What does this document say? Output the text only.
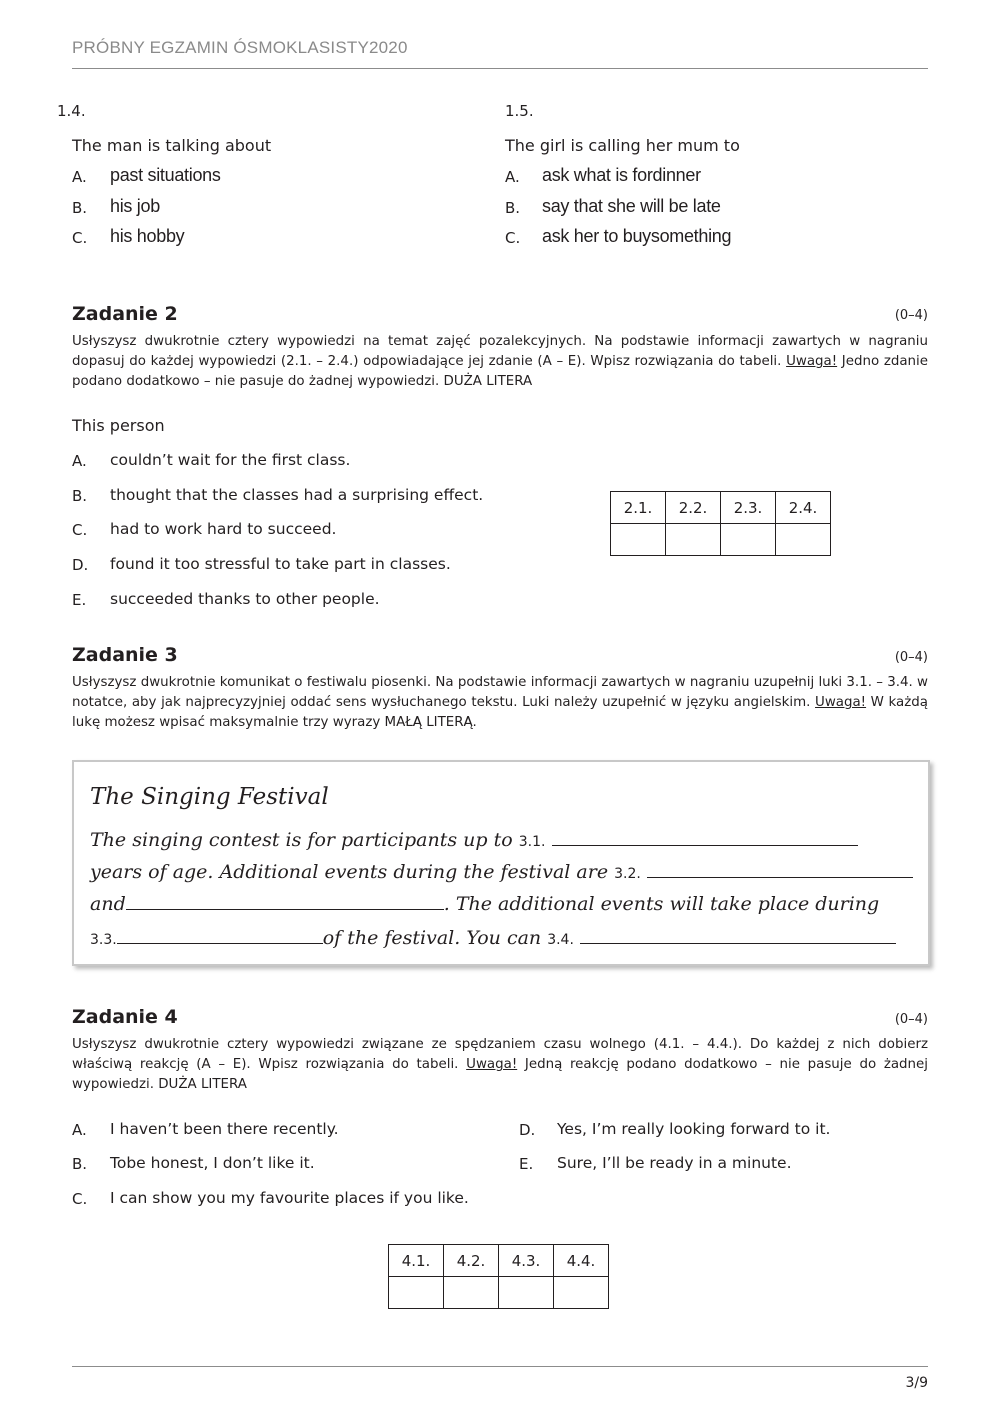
PRÓBNY EGZAMIN ÓSMOKLASISTY2020
1.4.
The man is talking about
A. past situations
B. his job
C. his hobby
1.5.
The girl is calling her mum to
A. ask what is fordinner
B. say that she will be late
C. ask her to buysomething
Zadanie 2	(0–4)
Usłyszysz dwukrotnie cztery wypowiedzi na temat zajęć pozalekcyjnych. Na podstawie informacji zawartych w nagraniu dopasuj do każdej wypowiedzi (2.1. – 2.4.) odpowiadające jej zdanie (A – E). Wpisz rozwiązania do tabeli. Uwaga! Jedno zdanie podano dodatkowo – nie pasuje do żadnej wypowiedzi. DUŻA LITERA
This person
A. couldn’t wait for the first class.
B. thought that the classes had a surprising effect.
C. had to work hard to succeed.
D. found it too stressful to take part in classes.
E. succeeded thanks to other people.
2.1.	2.2.	2.3.	2.4.

Zadanie 3	(0–4)
Usłyszysz dwukrotnie komunikat o festiwalu piosenki. Na podstawie informacji zawartych w nagraniu uzupełnij luki 3.1. – 3.4. w notatce, aby jak najprecyzyjniej oddać sens wysłuchanego tekstu. Luki należy uzupełnić w języku angielskim. Uwaga! W każdą lukę możesz wpisać maksymalnie trzy wyrazy MAŁĄ LITERĄ.
The Singing Festival
The singing contest is for participants up to 3.1.
years of age. Additional events during the festival are 3.2.
and	. The additional events will take place during
3.3.	of the festival. You can 3.4.
Zadanie 4	(0–4)
Usłyszysz dwukrotnie cztery wypowiedzi związane ze spędzaniem czasu wolnego (4.1. – 4.4.). Do każdej z nich dobierz właściwą reakcję (A – E). Wpisz rozwiązania do tabeli. Uwaga! Jedną reakcję podano dodatkowo – nie pasuje do żadnej wypowiedzi. DUŻA LITERA
A. I haven’t been there recently.
B. Tobe honest, I don’t like it.
C. I can show you my favourite places if you like.
D. Yes, I’m really looking forward to it.
E. Sure, I’ll be ready in a minute.
4.1.	4.2.	4.3.	4.4.

3/9
